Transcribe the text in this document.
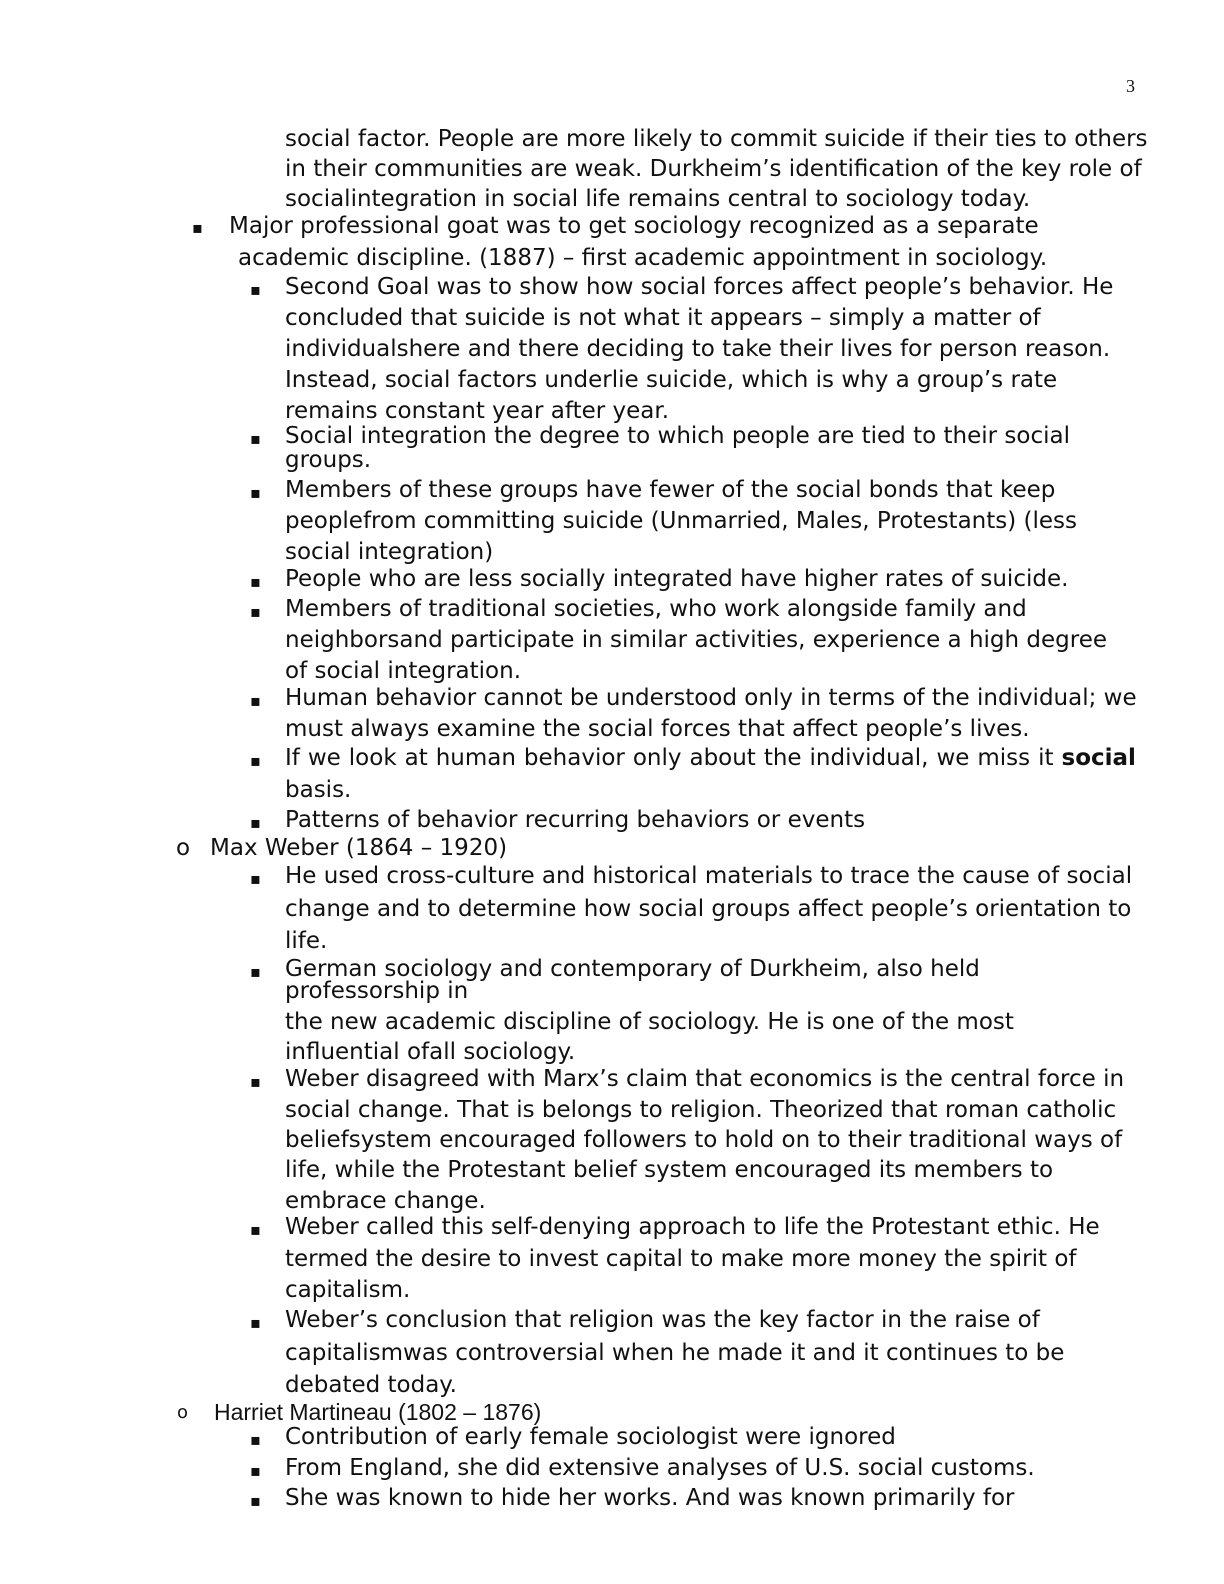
3
social factor. People are more likely to commit suicide if their ties to others
in their communities are weak. Durkheim’s identification of the key role of
socialintegration in social life remains central to sociology today.
▪ Major professional goat was to get sociology recognized as a separate
academic discipline. (1887) – first academic appointment in sociology.
▪ Second Goal was to show how social forces affect people’s behavior. He
concluded that suicide is not what it appears – simply a matter of
individualshere and there deciding to take their lives for person reason.
Instead, social factors underlie suicide, which is why a group’s rate
remains constant year after year.
▪ Social integration the degree to which people are tied to their social
groups.
▪ Members of these groups have fewer of the social bonds that keep
peoplefrom committing suicide (Unmarried, Males, Protestants) (less
social integration)
▪ People who are less socially integrated have higher rates of suicide.
▪ Members of traditional societies, who work alongside family and
neighborsand participate in similar activities, experience a high degree
of social integration.
▪ Human behavior cannot be understood only in terms of the individual; we
must always examine the social forces that affect people’s lives.
▪ If we look at human behavior only about the individual, we miss it social
basis.
▪ Patterns of behavior recurring behaviors or events
o Max Weber (1864 – 1920)
▪ He used cross-culture and historical materials to trace the cause of social
change and to determine how social groups affect people’s orientation to
life.
▪ German sociology and contemporary of Durkheim, also held
professorship in
the new academic discipline of sociology. He is one of the most
influential ofall sociology.
▪ Weber disagreed with Marx’s claim that economics is the central force in
social change. That is belongs to religion. Theorized that roman catholic
beliefsystem encouraged followers to hold on to their traditional ways of
life, while the Protestant belief system encouraged its members to
embrace change.
▪ Weber called this self-denying approach to life the Protestant ethic. He
termed the desire to invest capital to make more money the spirit of
capitalism.
▪ Weber’s conclusion that religion was the key factor in the raise of
capitalismwas controversial when he made it and it continues to be
debated today.
o Harriet Martineau (1802 – 1876)
▪ Contribution of early female sociologist were ignored
▪ From England, she did extensive analyses of U.S. social customs.
▪ She was known to hide her works. And was known primarily for
